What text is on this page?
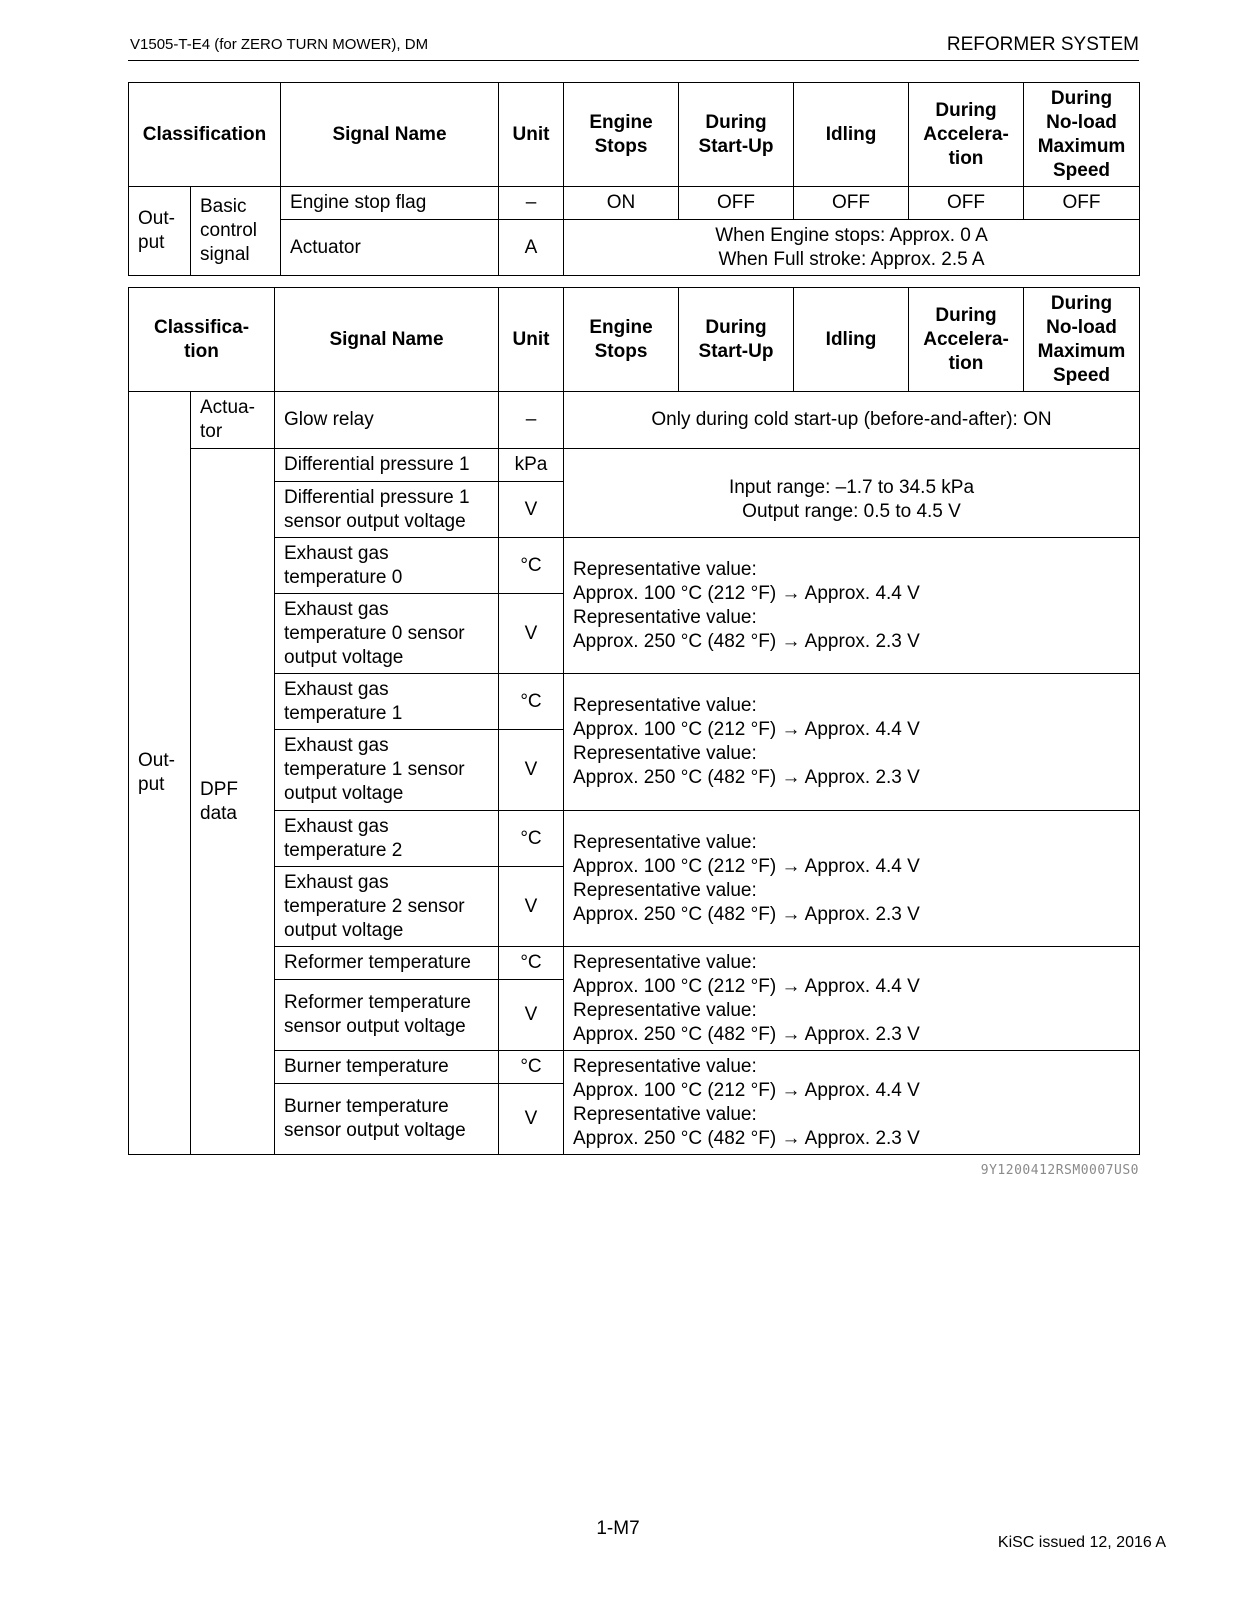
V1505-T-E4 (for ZERO TURN MOWER), DM	REFORMER SYSTEM
Classification		Signal Name	Unit	Engine Stops	During Start-Up	Idling	During Accelera-tion	During No-load Maximum Speed
Out-put	Basic control signal	Engine stop flag	–	ON	OFF	OFF	OFF	OFF
		Actuator	A	When Engine stops: Approx. 0 A
When Full stroke: Approx. 2.5 A				
Classifica-tion		Signal Name	Unit	Engine Stops	During Start-Up	Idling	During Accelera-tion	During No-load Maximum Speed
Out-put	Actua-tor	Glow relay	–	Only during cold start-up (before-and-after): ON				
	DPF data	Differential pressure 1	kPa	Input range: –1.7 to 34.5 kPa
Output range: 0.5 to 4.5 V				

		Differential pressure 1 sensor output voltage	V					
		Exhaust gas temperature 0	°C	Representative value:
Approx. 100 °C (212 °F) → Approx. 4.4 V
Representative value:
Approx. 250 °C (482 °F) → Approx. 2.3 V				

		Exhaust gas temperature 0 sensor output voltage	V					
		Exhaust gas temperature 1	°C	Representative value:
Approx. 100 °C (212 °F) → Approx. 4.4 V
Representative value:
Approx. 250 °C (482 °F) → Approx. 2.3 V				

		Exhaust gas temperature 1 sensor output voltage	V					
		Exhaust gas temperature 2	°C	Representative value:
Approx. 100 °C (212 °F) → Approx. 4.4 V
Representative value:
Approx. 250 °C (482 °F) → Approx. 2.3 V				

		Exhaust gas temperature 2 sensor output voltage	V					
		Reformer temperature	°C	Representative value:
Approx. 100 °C (212 °F) → Approx. 4.4 V
Representative value:
Approx. 250 °C (482 °F) → Approx. 2.3 V				

		Reformer temperature sensor output voltage	V					
		Burner temperature	°C	Representative value:
Approx. 100 °C (212 °F) → Approx. 4.4 V
Representative value:
Approx. 250 °C (482 °F) → Approx. 2.3 V				

		Burner temperature sensor output voltage	V					
9Y1200412RSM0007US0
1-M7
KiSC issued 12, 2016 A
